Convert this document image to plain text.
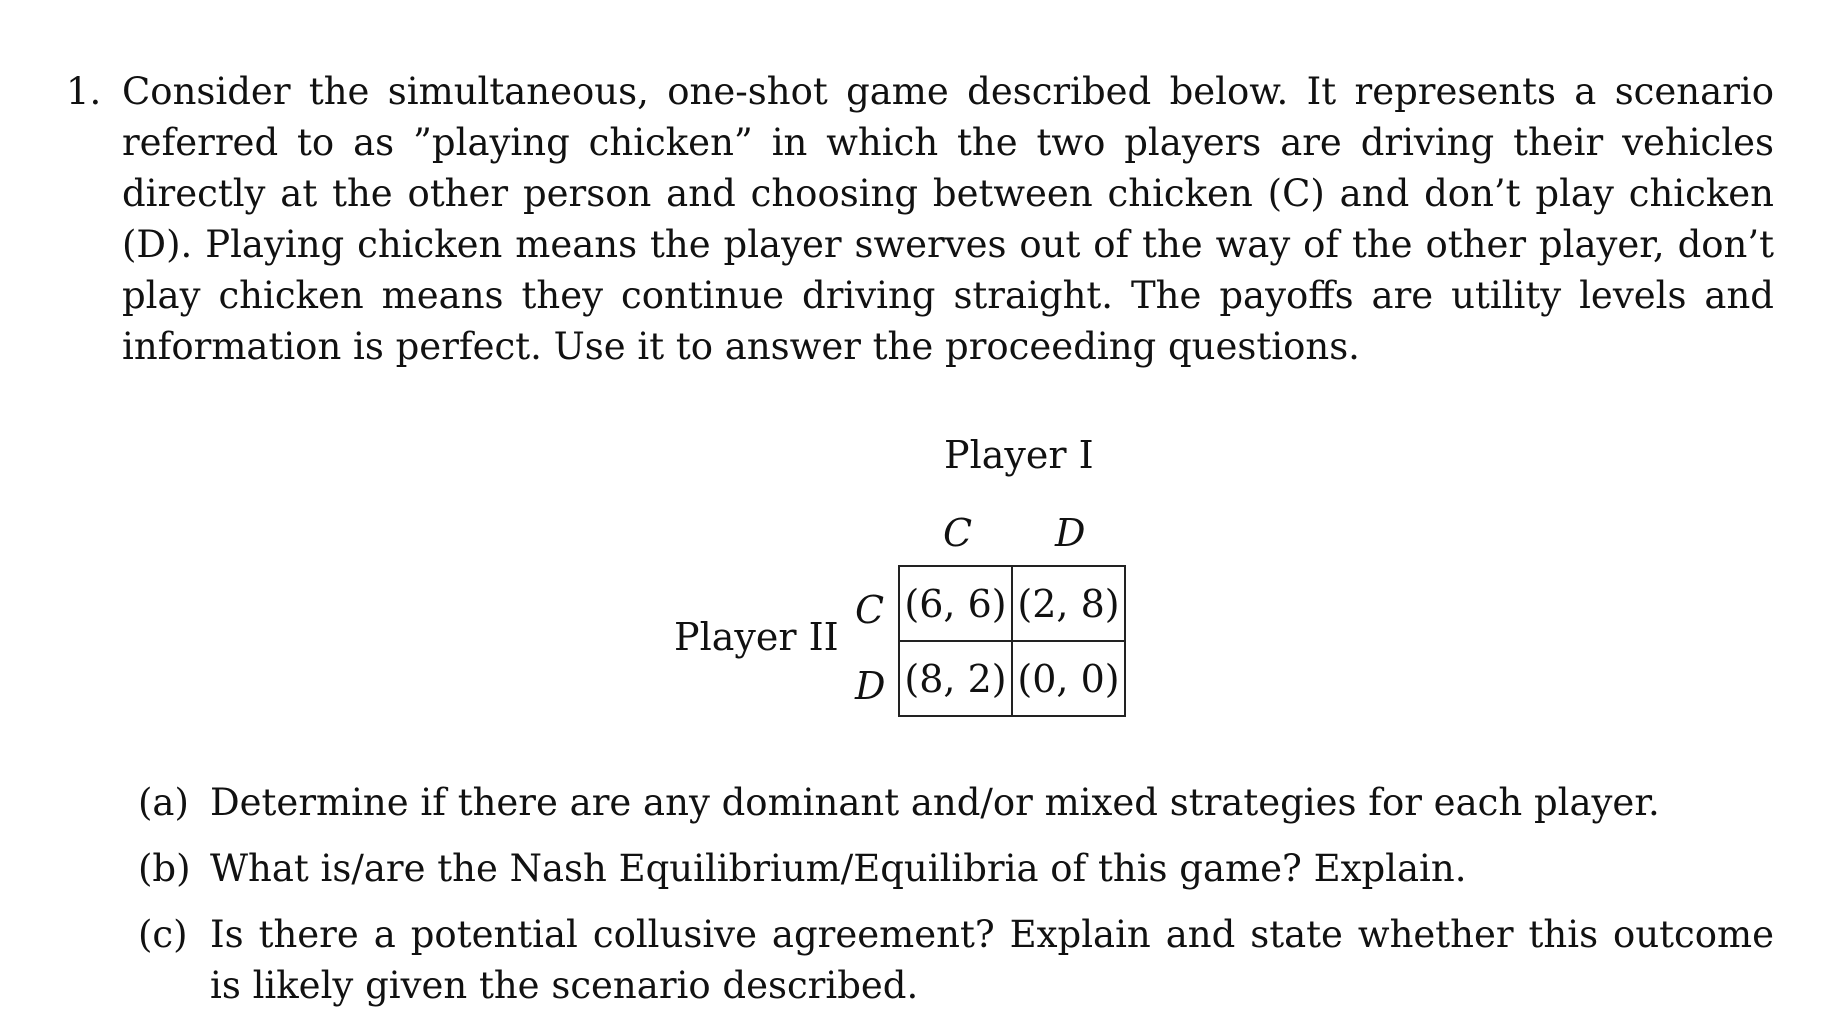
1. Consider the simultaneous, one-shot game described below. It represents a scenario referred to as ”playing chicken” in which the two players are driving their vehicles directly at the other person and choosing between chicken (C) and don’t play chicken (D). Playing chicken means the player swerves out of the way of the other player, don’t play chicken means they continue driving straight. The payoffs are utility levels and information is perfect. Use it to answer the proceeding questions.

Player I
C D
Player II
C
D
(6, 6)	(2, 8)
(8, 2)	(0, 0)
(a) Determine if there are any dominant and/or mixed strategies for each player.
(b) What is/are the Nash Equilibrium/Equilibria of this game? Explain.
(c) Is there a potential collusive agreement? Explain and state whether this outcome is likely given the scenario described.
